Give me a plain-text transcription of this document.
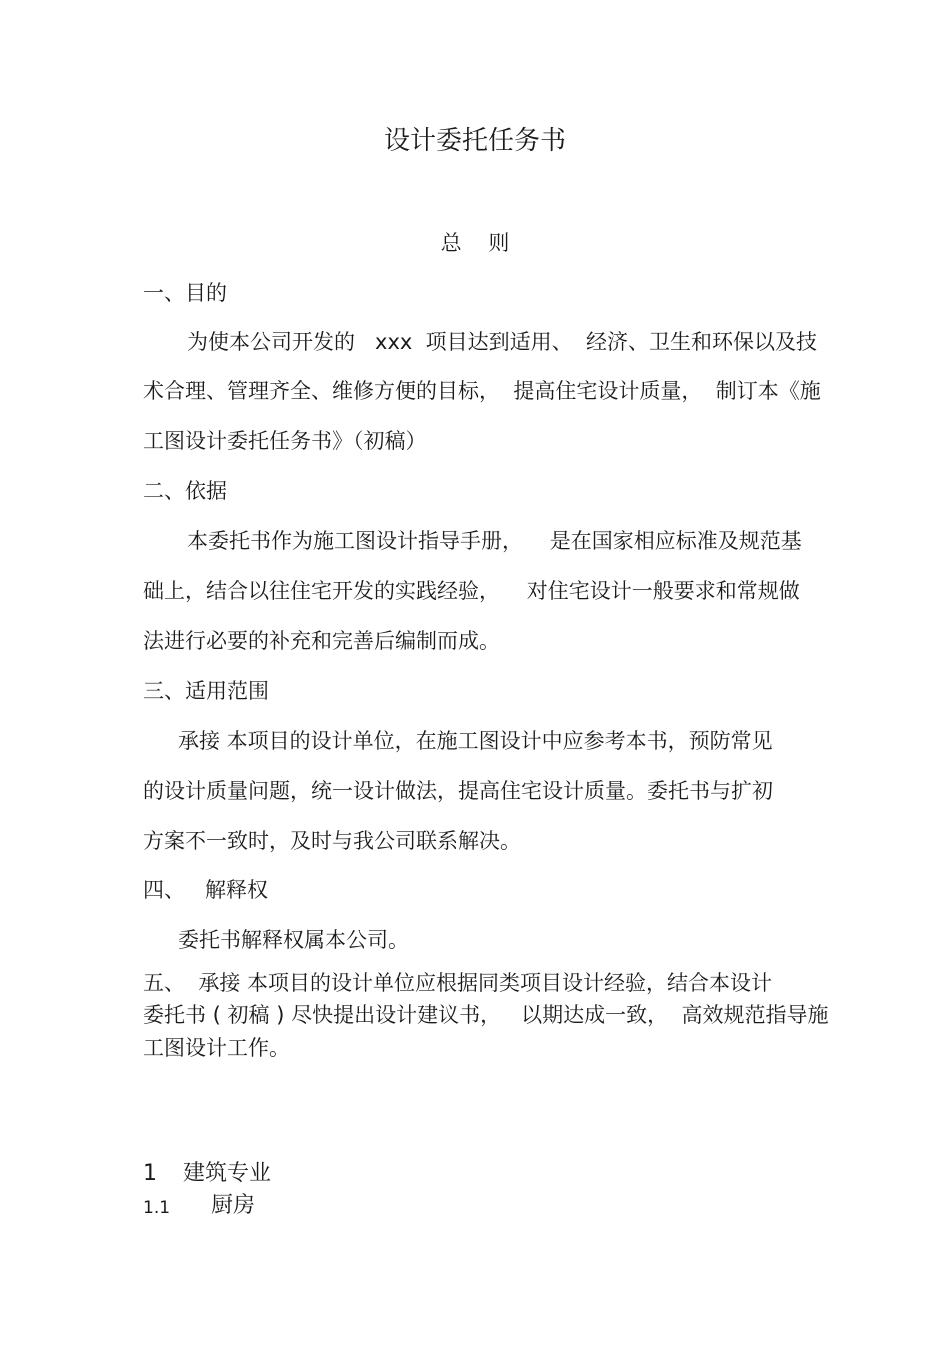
设计委托任务书
总    则
一、目的
为使本公司开发的   xxx  项目达到适用、  经济、卫生和环保以及技
术合理、管理齐全、维修方便的目标，  提高住宅设计质量，  制订本《施
工图设计委托任务书》（初稿）
二、依据
本委托书作为施工图设计指导手册，    是在国家相应标准及规范基
础上，结合以往住宅开发的实践经验，    对住宅设计一般要求和常规做
法进行必要的补充和完善后编制而成。
三、适用范围
承接 本项目的设计单位，在施工图设计中应参考本书，预防常见
的设计质量问题，统一设计做法，提高住宅设计质量。委托书与扩初
方案不一致时，及时与我公司联系解决。
四、   解释权
委托书解释权属本公司。
五、  承接 本项目的设计单位应根据同类项目设计经验，结合本设计
委托书 ( 初稿 ) 尽快提出设计建议书，   以期达成一致，  高效规范指导施
工图设计工作。
1 建筑专业
1.1 厨房
